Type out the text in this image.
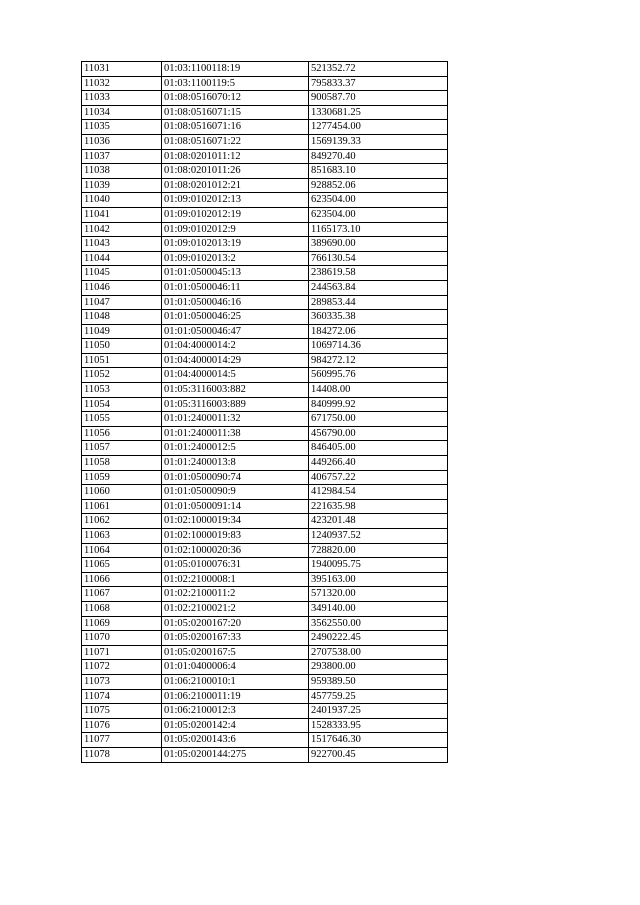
11031	01:03:1100118:19	521352.72
11032	01:03:1100119:5	795833.37
11033	01:08:0516070:12	900587.70
11034	01:08:0516071:15	1330681.25
11035	01:08:0516071:16	1277454.00
11036	01:08:0516071:22	1569139.33
11037	01:08:0201011:12	849270.40
11038	01:08:0201011:26	851683.10
11039	01:08:0201012:21	928852.06
11040	01:09:0102012:13	623504.00
11041	01:09:0102012:19	623504.00
11042	01:09:0102012:9	1165173.10
11043	01:09:0102013:19	389690.00
11044	01:09:0102013:2	766130.54
11045	01:01:0500045:13	238619.58
11046	01:01:0500046:11	244563.84
11047	01:01:0500046:16	289853.44
11048	01:01:0500046:25	360335.38
11049	01:01:0500046:47	184272.06
11050	01:04:4000014:2	1069714.36
11051	01:04:4000014:29	984272.12
11052	01:04:4000014:5	560995.76
11053	01:05:3116003:882	14408.00
11054	01:05:3116003:889	840999.92
11055	01:01:2400011:32	671750.00
11056	01:01:2400011:38	456790.00
11057	01:01:2400012:5	846405.00
11058	01:01:2400013:8	449266.40
11059	01:01:0500090:74	406757.22
11060	01:01:0500090:9	412984.54
11061	01:01:0500091:14	221635.98
11062	01:02:1000019:34	423201.48
11063	01:02:1000019:83	1240937.52
11064	01:02:1000020:36	728820.00
11065	01:05:0100076:31	1940095.75
11066	01:02:2100008:1	395163.00
11067	01:02:2100011:2	571320.00
11068	01:02:2100021:2	349140.00
11069	01:05:0200167:20	3562550.00
11070	01:05:0200167:33	2490222.45
11071	01:05:0200167:5	2707538.00
11072	01:01:0400006:4	293800.00
11073	01:06:2100010:1	959389.50
11074	01:06:2100011:19	457759.25
11075	01:06:2100012:3	2401937.25
11076	01:05:0200142:4	1528333.95
11077	01:05:0200143:6	1517646.30
11078	01:05:0200144:275	922700.45
